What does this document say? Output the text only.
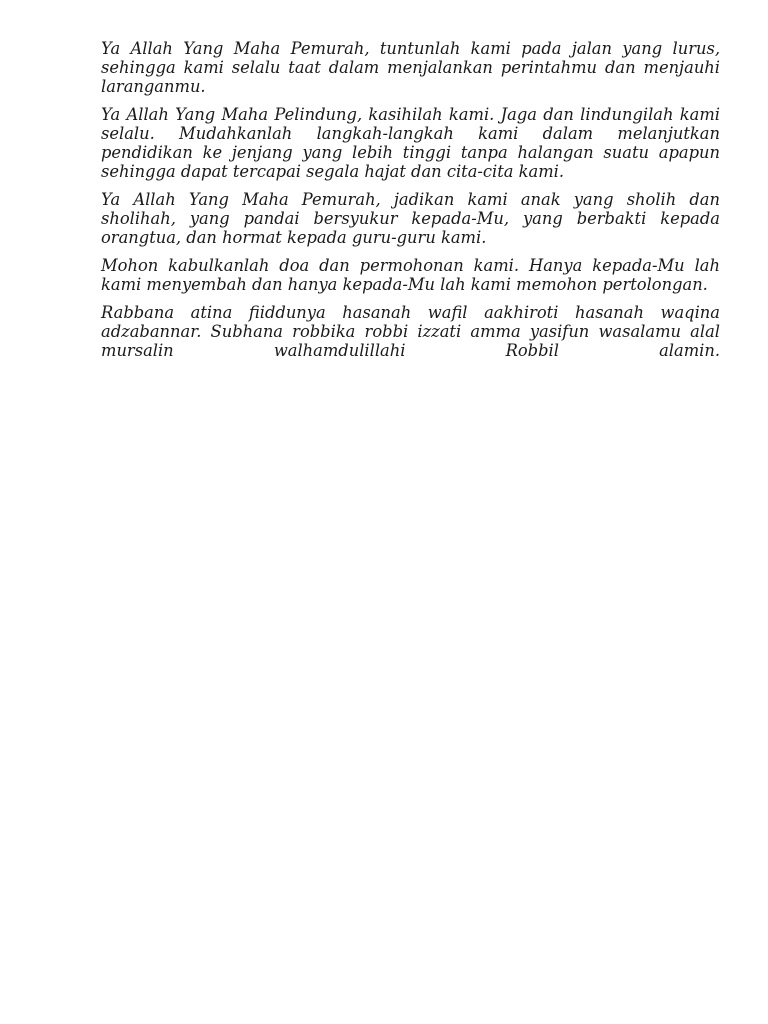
Ya Allah Yang Maha Pemurah, tuntunlah kami pada jalan yang lurus, sehingga kami selalu taat dalam menjalankan perintahmu dan menjauhi laranganmu.

Ya Allah Yang Maha Pelindung, kasihilah kami. Jaga dan lindungilah kami selalu. Mudahkanlah langkah-langkah kami dalam melanjutkan pendidikan ke jenjang yang lebih tinggi tanpa halangan suatu apapun sehingga dapat tercapai segala hajat dan cita-cita kami.

Ya Allah Yang Maha Pemurah, jadikan kami anak yang sholih dan sholihah, yang pandai bersyukur kepada-Mu, yang berbakti kepada orangtua, dan hormat kepada guru-guru kami.

Mohon kabulkanlah doa dan permohonan kami. Hanya kepada-Mu lah kami menyembah dan hanya kepada-Mu lah kami memohon pertolongan.

Rabbana atina fiiddunya hasanah wafil aakhiroti hasanah waqina adzabannar. Subhana robbika robbi izzati amma yasifun wasalamu alal mursalin walhamdulillahi Robbil alamin.
